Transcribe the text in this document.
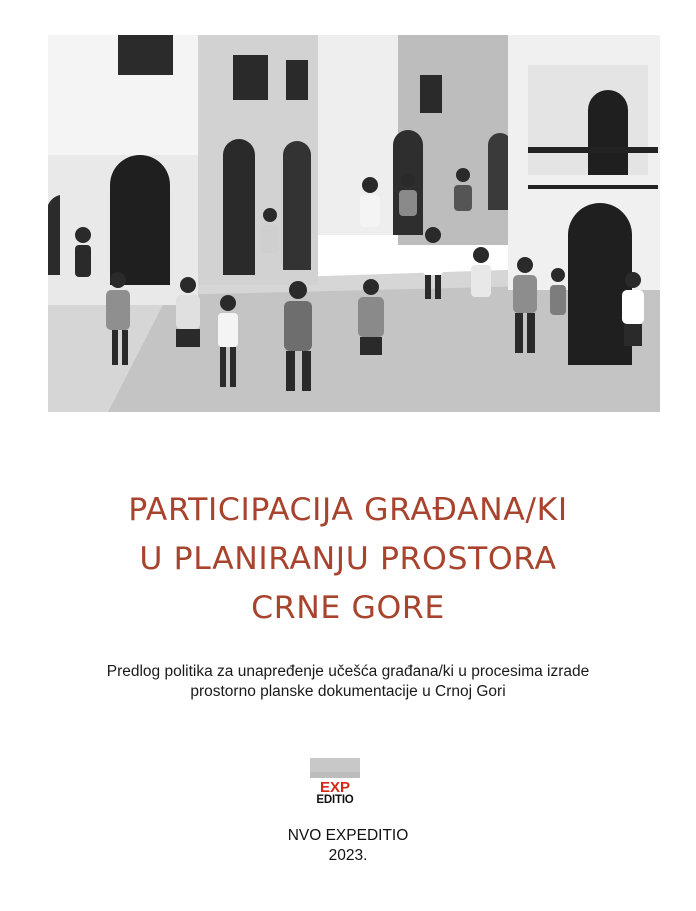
PARTICIPACIJA GRAĐANA/KI
U PLANIRANJU PROSTORA
CRNE GORE
Predlog politika za unapređenje učešća građana/ki u procesima izrade
prostorno planske dokumentacije u Crnoj Gori
EXP
EDITIO
NVO EXPEDITIO
2023.
